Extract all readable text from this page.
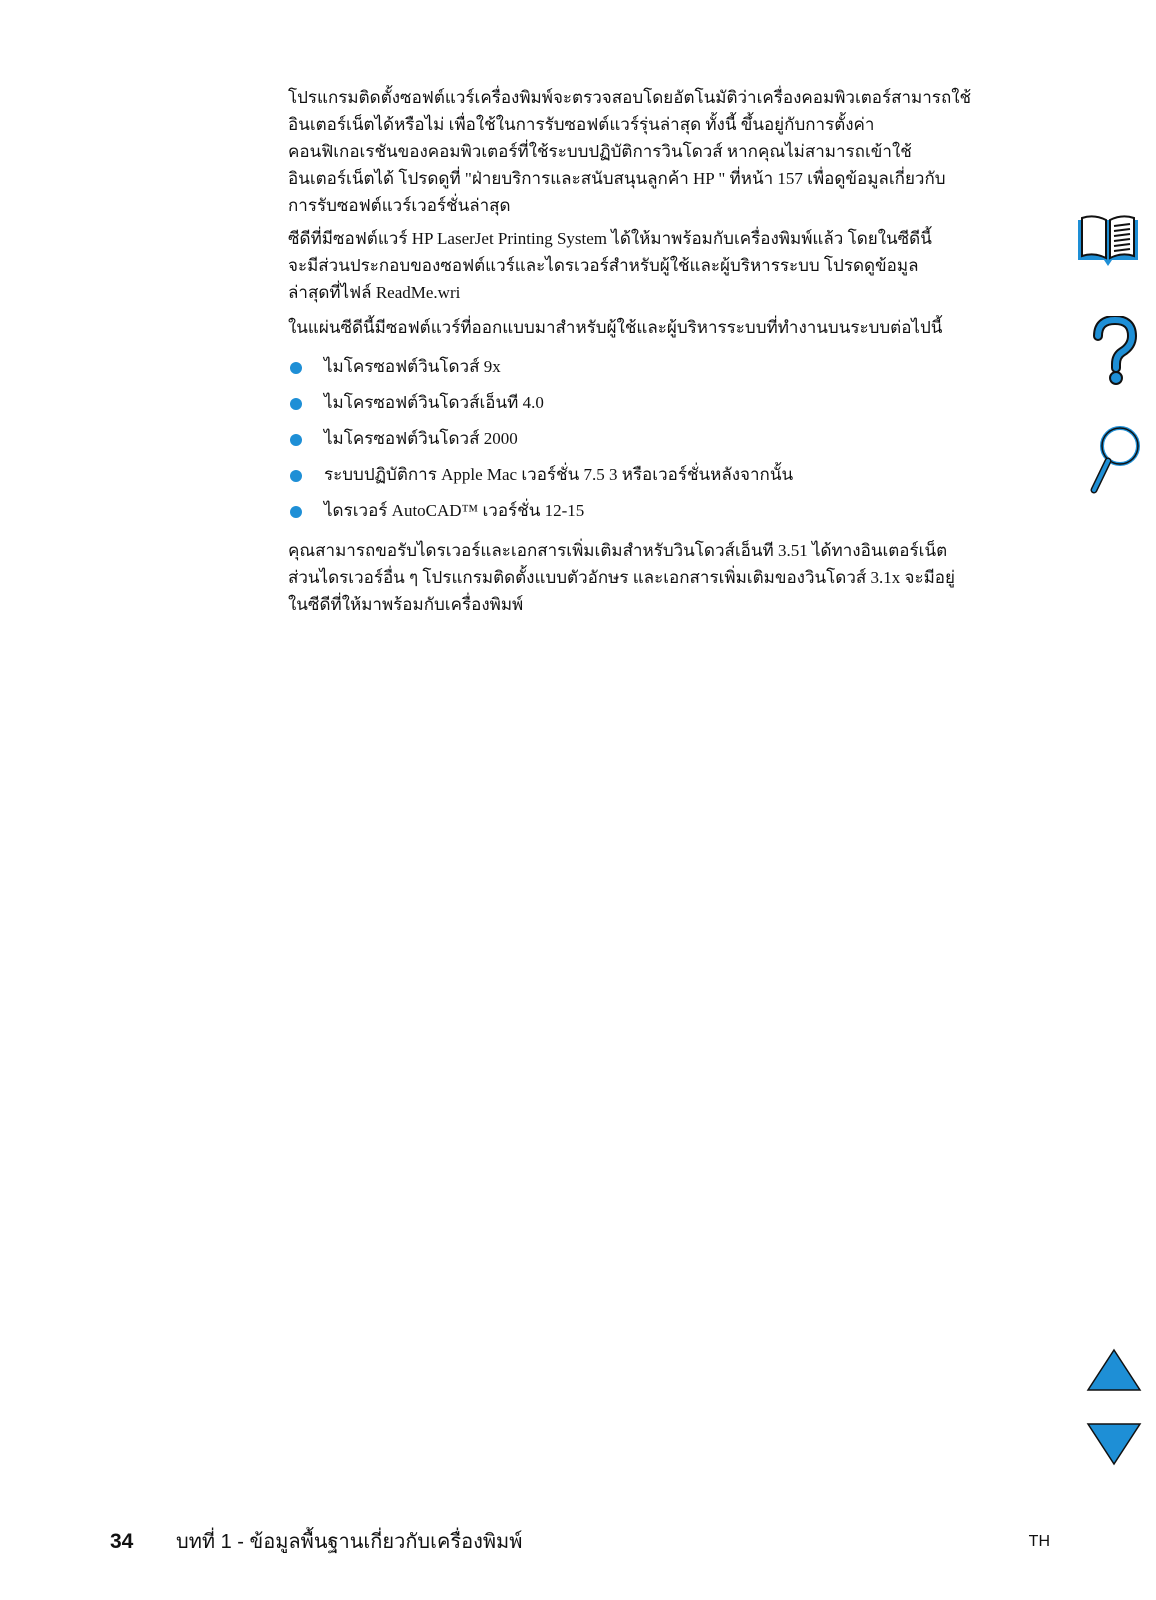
โปรแกรมติดตั้งซอฟต์แวร์เครื่องพิมพ์จะตรวจสอบโดยอัตโนมัติว่าเครื่องคอมพิวเตอร์สามารถใช้
อินเตอร์เน็ตได้หรือไม่ เพื่อใช้ในการรับซอฟต์แวร์รุ่นล่าสุด ทั้งนี้ ขึ้นอยู่กับการตั้งค่า
คอนฟิเกอเรชันของคอมพิวเตอร์ที่ใช้ระบบปฏิบัติการวินโดวส์ หากคุณไม่สามารถเข้าใช้
อินเตอร์เน็ตได้ โปรดดูที่ "ฝ่ายบริการและสนับสนุนลูกค้า HP " ที่หน้า 157 เพื่อดูข้อมูลเกี่ยวกับ
การรับซอฟต์แวร์เวอร์ชั่นล่าสุด

ซีดีที่มีซอฟต์แวร์ HP LaserJet Printing System ได้ให้มาพร้อมกับเครื่องพิมพ์แล้ว โดยในซีดีนี้
จะมีส่วนประกอบของซอฟต์แวร์และไดรเวอร์สำหรับผู้ใช้และผู้บริหารระบบ โปรดดูข้อมูล
ล่าสุดที่ไฟล์ ReadMe.wri

ในแผ่นซีดีนี้มีซอฟต์แวร์ที่ออกแบบมาสำหรับผู้ใช้และผู้บริหารระบบที่ทำงานบนระบบต่อไปนี้

ไมโครซอฟต์วินโดวส์ 9x
ไมโครซอฟต์วินโดวส์เอ็นที 4.0
ไมโครซอฟต์วินโดวส์ 2000
ระบบปฏิบัติการ Apple Mac เวอร์ชั่น 7.5 3 หรือเวอร์ชั่นหลังจากนั้น
ไดรเวอร์ AutoCAD™ เวอร์ชั่น 12-15

คุณสามารถขอรับไดรเวอร์และเอกสารเพิ่มเติมสำหรับวินโดวส์เอ็นที 3.51 ได้ทางอินเตอร์เน็ต
ส่วนไดรเวอร์อื่น ๆ โปรแกรมติดตั้งแบบตัวอักษร และเอกสารเพิ่มเติมของวินโดวส์ 3.1x จะมีอยู่
ในซีดีที่ให้มาพร้อมกับเครื่องพิมพ์

34 บทที่ 1 - ข้อมูลพื้นฐานเกี่ยวกับเครื่องพิมพ์	TH
